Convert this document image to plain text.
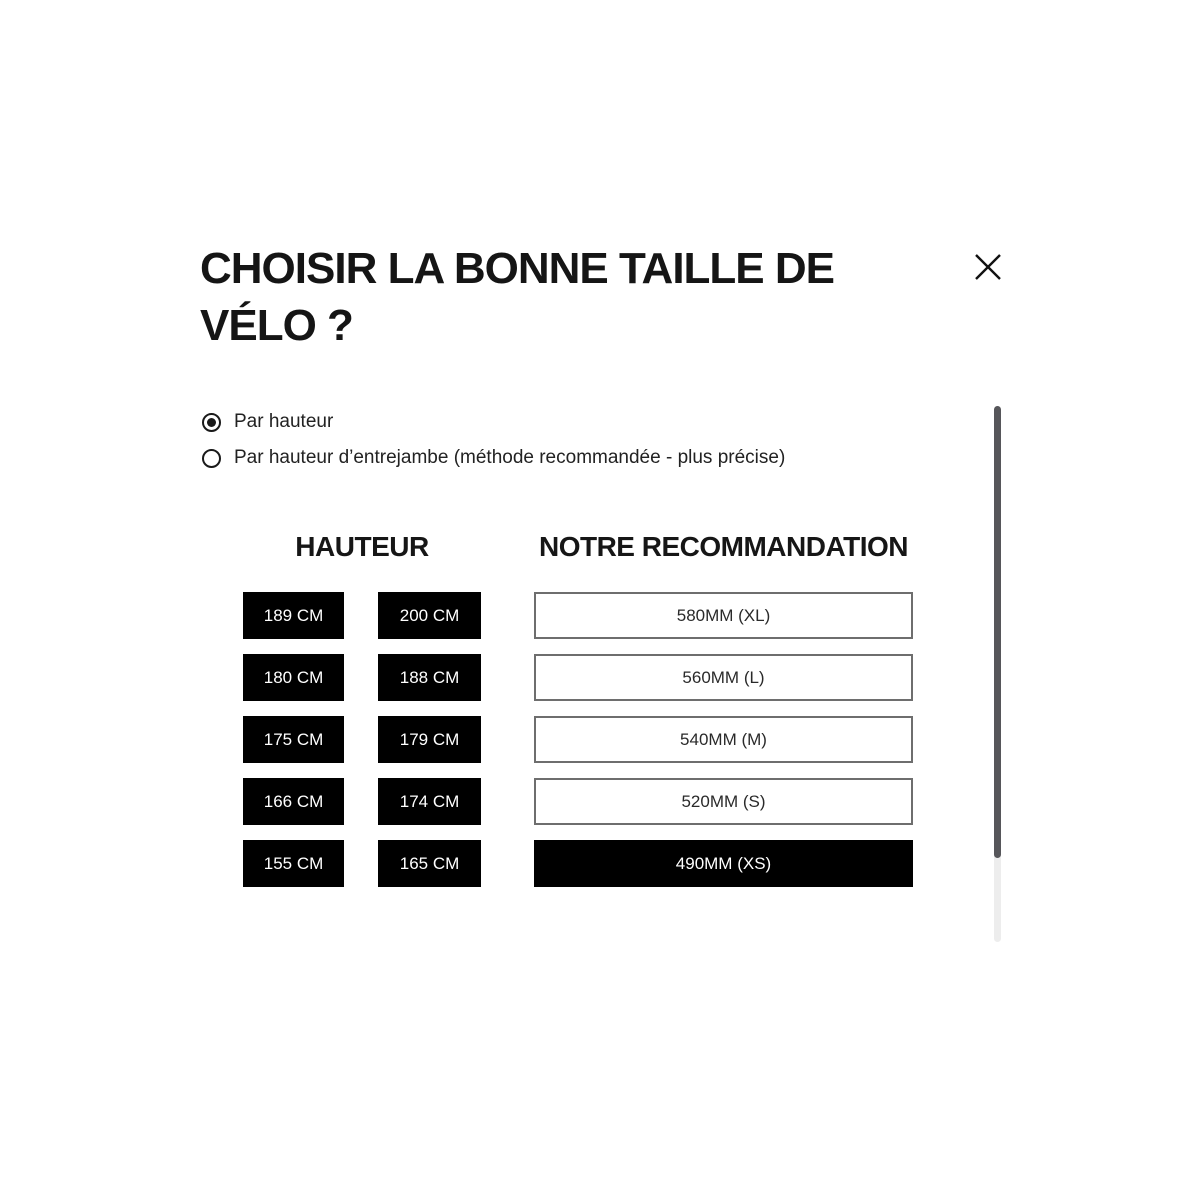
CHOISIR LA BONNE TAILLE DE VÉLO ?
Par hauteur
Par hauteur d’entrejambe (méthode recommandée - plus précise)
HAUTEUR	NOTRE RECOMMANDATION
189 CM	200 CM	580MM (XL)
180 CM	188 CM	560MM (L)
175 CM	179 CM	540MM (M)
166 CM	174 CM	520MM (S)
155 CM	165 CM	490MM (XS)
